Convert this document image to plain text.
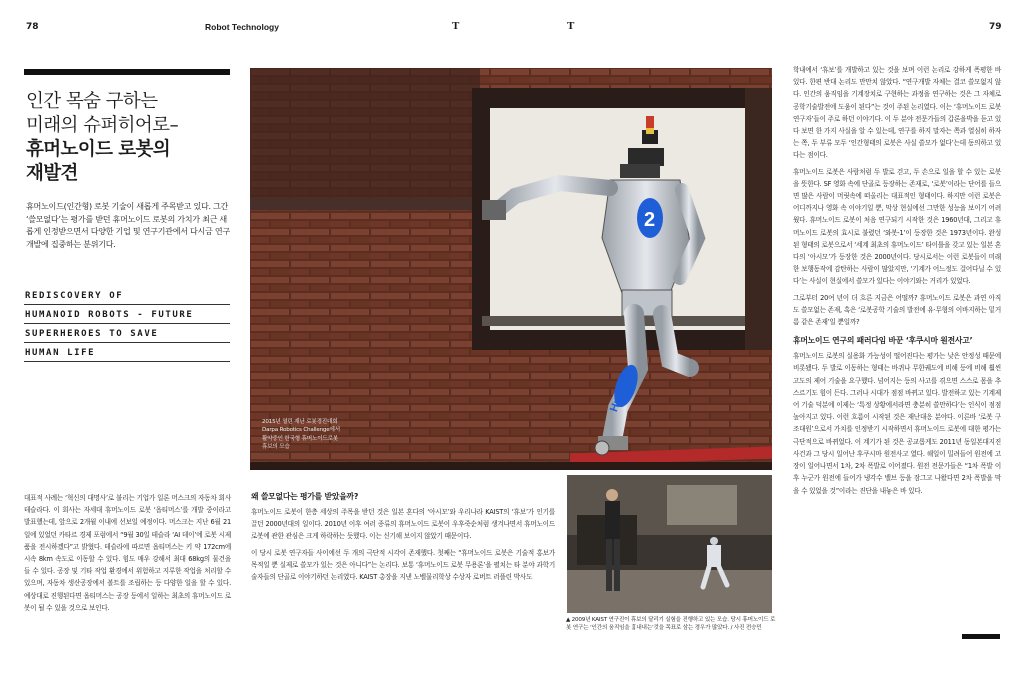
78	Robot Technology	T	T	79
인간 목숨 구하는
미래의 슈퍼히어로–
휴머노이드 로봇의
재발견
휴머노이드(인간형) 로봇 기술이 새롭게 주목받고 있다. 그간 ‘쓸모없다’는 평가를 받던 휴머노이드 로봇의 가치가 최근 새롭게 인정받으면서 다양한 기업 및 연구기관에서 다시금 연구개발에 집중하는 분위기다.
REDISCOVERY OF
HUMANOID ROBOTS - FUTURE
SUPERHEROES TO SAVE
HUMAN LIFE

대표적 사례는 ‘혁신의 대명사’로 불리는 기업가 일론 머스크의 자동차 회사 테슬라다. 이 회사는 자세대 휴머노이드 로봇 ‘옵티머스’를 개발 중이라고 발표했는데, 앞으로 2개월 이내에 선보일 예정이다. 머스크는 지난 6월 21일에 있었던 카타르 경제 포럼에서 “9월 30일 테슬라 ‘AI 데이’에 로봇 시제품을 전시하겠다”고 밝혔다. 테슬라에 따르면 옵티머스는 키 약 172cm에 시속 8km 속도로 이동할 수 있다. 힘도 매우 강해서 최대 68kg의 물건을 들 수 있다. 공장 및 기타 작업 환경에서 위험하고 지루한 작업을 처리할 수 있으며, 자동차 생산공장에서 볼트를 조립하는 등 다양한 일을 할 수 있다. 예상대로 진행된다면 옵티머스는 공장 등에서 일하는 최초의 휴머노이드 로봇이 될 수 있을 것으로 보인다.

2
Hubo
2015년 열린 재난 로봇경진대회
Darpa Robotics Challenge에서
활약중인 한국형 휴머노이드로봇
휴보의 모습
왜 쓸모없다는 평가를 받았을까?

휴머노이드 로봇이 한층 세상의 주목을 받던 것은 일본 혼다의 ‘아시모’와 우리나라 KAIST의 ‘휴보’가 인기를 끌던 2000년대의 일이다. 2010년 이후 여러 종류의 휴머노이드 로봇이 우후죽순처럼 생겨나면서 휴머노이드 로봇에 관한 관심은 크게 하락하는 듯했다. 이는 신기해 보이지 않았기 때문이다.

이 당시 로봇 연구자들 사이에선 두 개의 극단적 시각이 존재했다. 첫째는 “휴머노이드 로봇은 기술적 홍보가 목적일 뿐 실제로 쓸모가 있는 것은 아니다”는 논리다. 보통 ‘휴머노이드 로봇 무용론’을 펼치는 타 분야 과학기술자들의 단골로 이야기하던 논리였다. KAIST 총장을 지낸 노벨물리학상 수상자 로버트 러플린 박사도

▲ 2009년 KAIST 연구진이 휴보의 달리기 실험을 진행하고 있는 모습. 당시 휴머노이드 로봇 연구는 ‘인간의 움직임을 흉내내는’것을 목표로 삼는 경우가 많았다. / 사진 전승민

학내에서 ‘휴보’를 개발하고 있는 것을 보며 이런 논리로 강하게 폭평한 바 있다. 한편 반대 논리도 만만치 않았다. “연구개발 자체는 결코 쓸모없지 않다. 인간의 움직임을 기계장치로 구현하는 과정을 연구하는 것은 그 자체로 공학기술발전에 도움이 된다”는 것이 주된 논리였다. 이는 ‘휴머노이드 로봇 연구자’들이 주로 하던 이야기다. 이 두 분야 전문가들의 갑론을박을 듣고 있다 보면 한 가지 사실을 알 수 있는데, 연구를 하지 말자는 쪽과 열심히 하자는 쪽, 두 부류 모두 ‘인간형태의 로봇은 사실 쓸모가 없다’는데 동의하고 있다는 점이다.

휴머노이드 로봇은 사람처럼 두 발로 걷고, 두 손으로 일을 할 수 있는 로봇을 뜻한다. SF 영화 속에 단골로 등장하는 존재로, ‘로봇’이라는 단어를 들으면 많은 사람이 머릿속에 떠올리는 대표적인 형태이다. 하지만 이런 로봇은 어디까지나 영화 속 이야기일 뿐, 막상 현실에선 그만한 성능을 보이기 어려웠다. 휴머노이드 로봇이 처음 연구되기 시작한 것은 1960년대, 그리고 휴머노이드 로봇의 효시로 불렸던 ‘와봇-1’이 등장한 것은 1973년이다. 완성된 형태의 로봇으로서 ‘세계 최초의 휴머노이드’ 타이틀을 갖고 있는 일본 혼다의 ‘아시모’가 등장한 것은 2000년이다. 당시로서는 이런 로봇들이 미래 한 보행동작에 감탄하는 사람이 많았지만, ‘기계가 어느정도 걸어다닐 수 있다’는 사실이 현실에서 쓸모가 있다는 이야기와는 거리가 있었다.

그로부터 20여 년이 더 흐른 지금은 어떨까? 휴머노이드 로봇은 과연 아직도 쓸모없는 존재, 혹은 ‘로봇공학 기술의 발전에 유·무형의 이바지하는 밑거름 같은 존재’일 뿐일까?

휴머노이드 연구의 패러다임 바꾼 ‘후쿠시마 원전사고’

휴머노이드 로봇의 실용화 가능성이 떨어진다는 평가는 낮은 안정성 때문에 비롯됐다. 두 발로 이동하는 형태는 바퀴나 무한궤도에 비해 등에 비해 훨씬 고도의 제어 기술을 요구했다. 넘어지는 등의 사고를 겪으면 스스로 몸을 추스르기도 힘이 든다. 그러나 시대가 점점 바뀌고 있다. 발전하고 있는 기계제어 기술 덕분에 이제는 ‘특정 상황에서라면 충분히 쓸만하다’는 인식이 점점 높아지고 있다. 이런 흐름이 시작된 것은 재난대응 분야다. 이른바 ‘로봇 구조대원’으로서 가치를 인정받기 시작하면서 휴머노이드 로봇에 대한 평가는 극단적으로 바뀌었다. 이 계기가 된 것은 공교롭게도 2011년 동일본대지진 사건과 그 당시 일어난 후쿠시마 원전사고 였다. 해일이 밀려들어 원전에 고장이 일어나면서 1차, 2차 폭발로 이어졌다. 원전 전문가들은 “1차 폭발 이후 누군가 원전에 들어가 냉각수 밸브 등을 잠그고 나왔다면 2차 폭발을 막을 수 있었을 것”이라는 진단을 내놓은 바 있다.
